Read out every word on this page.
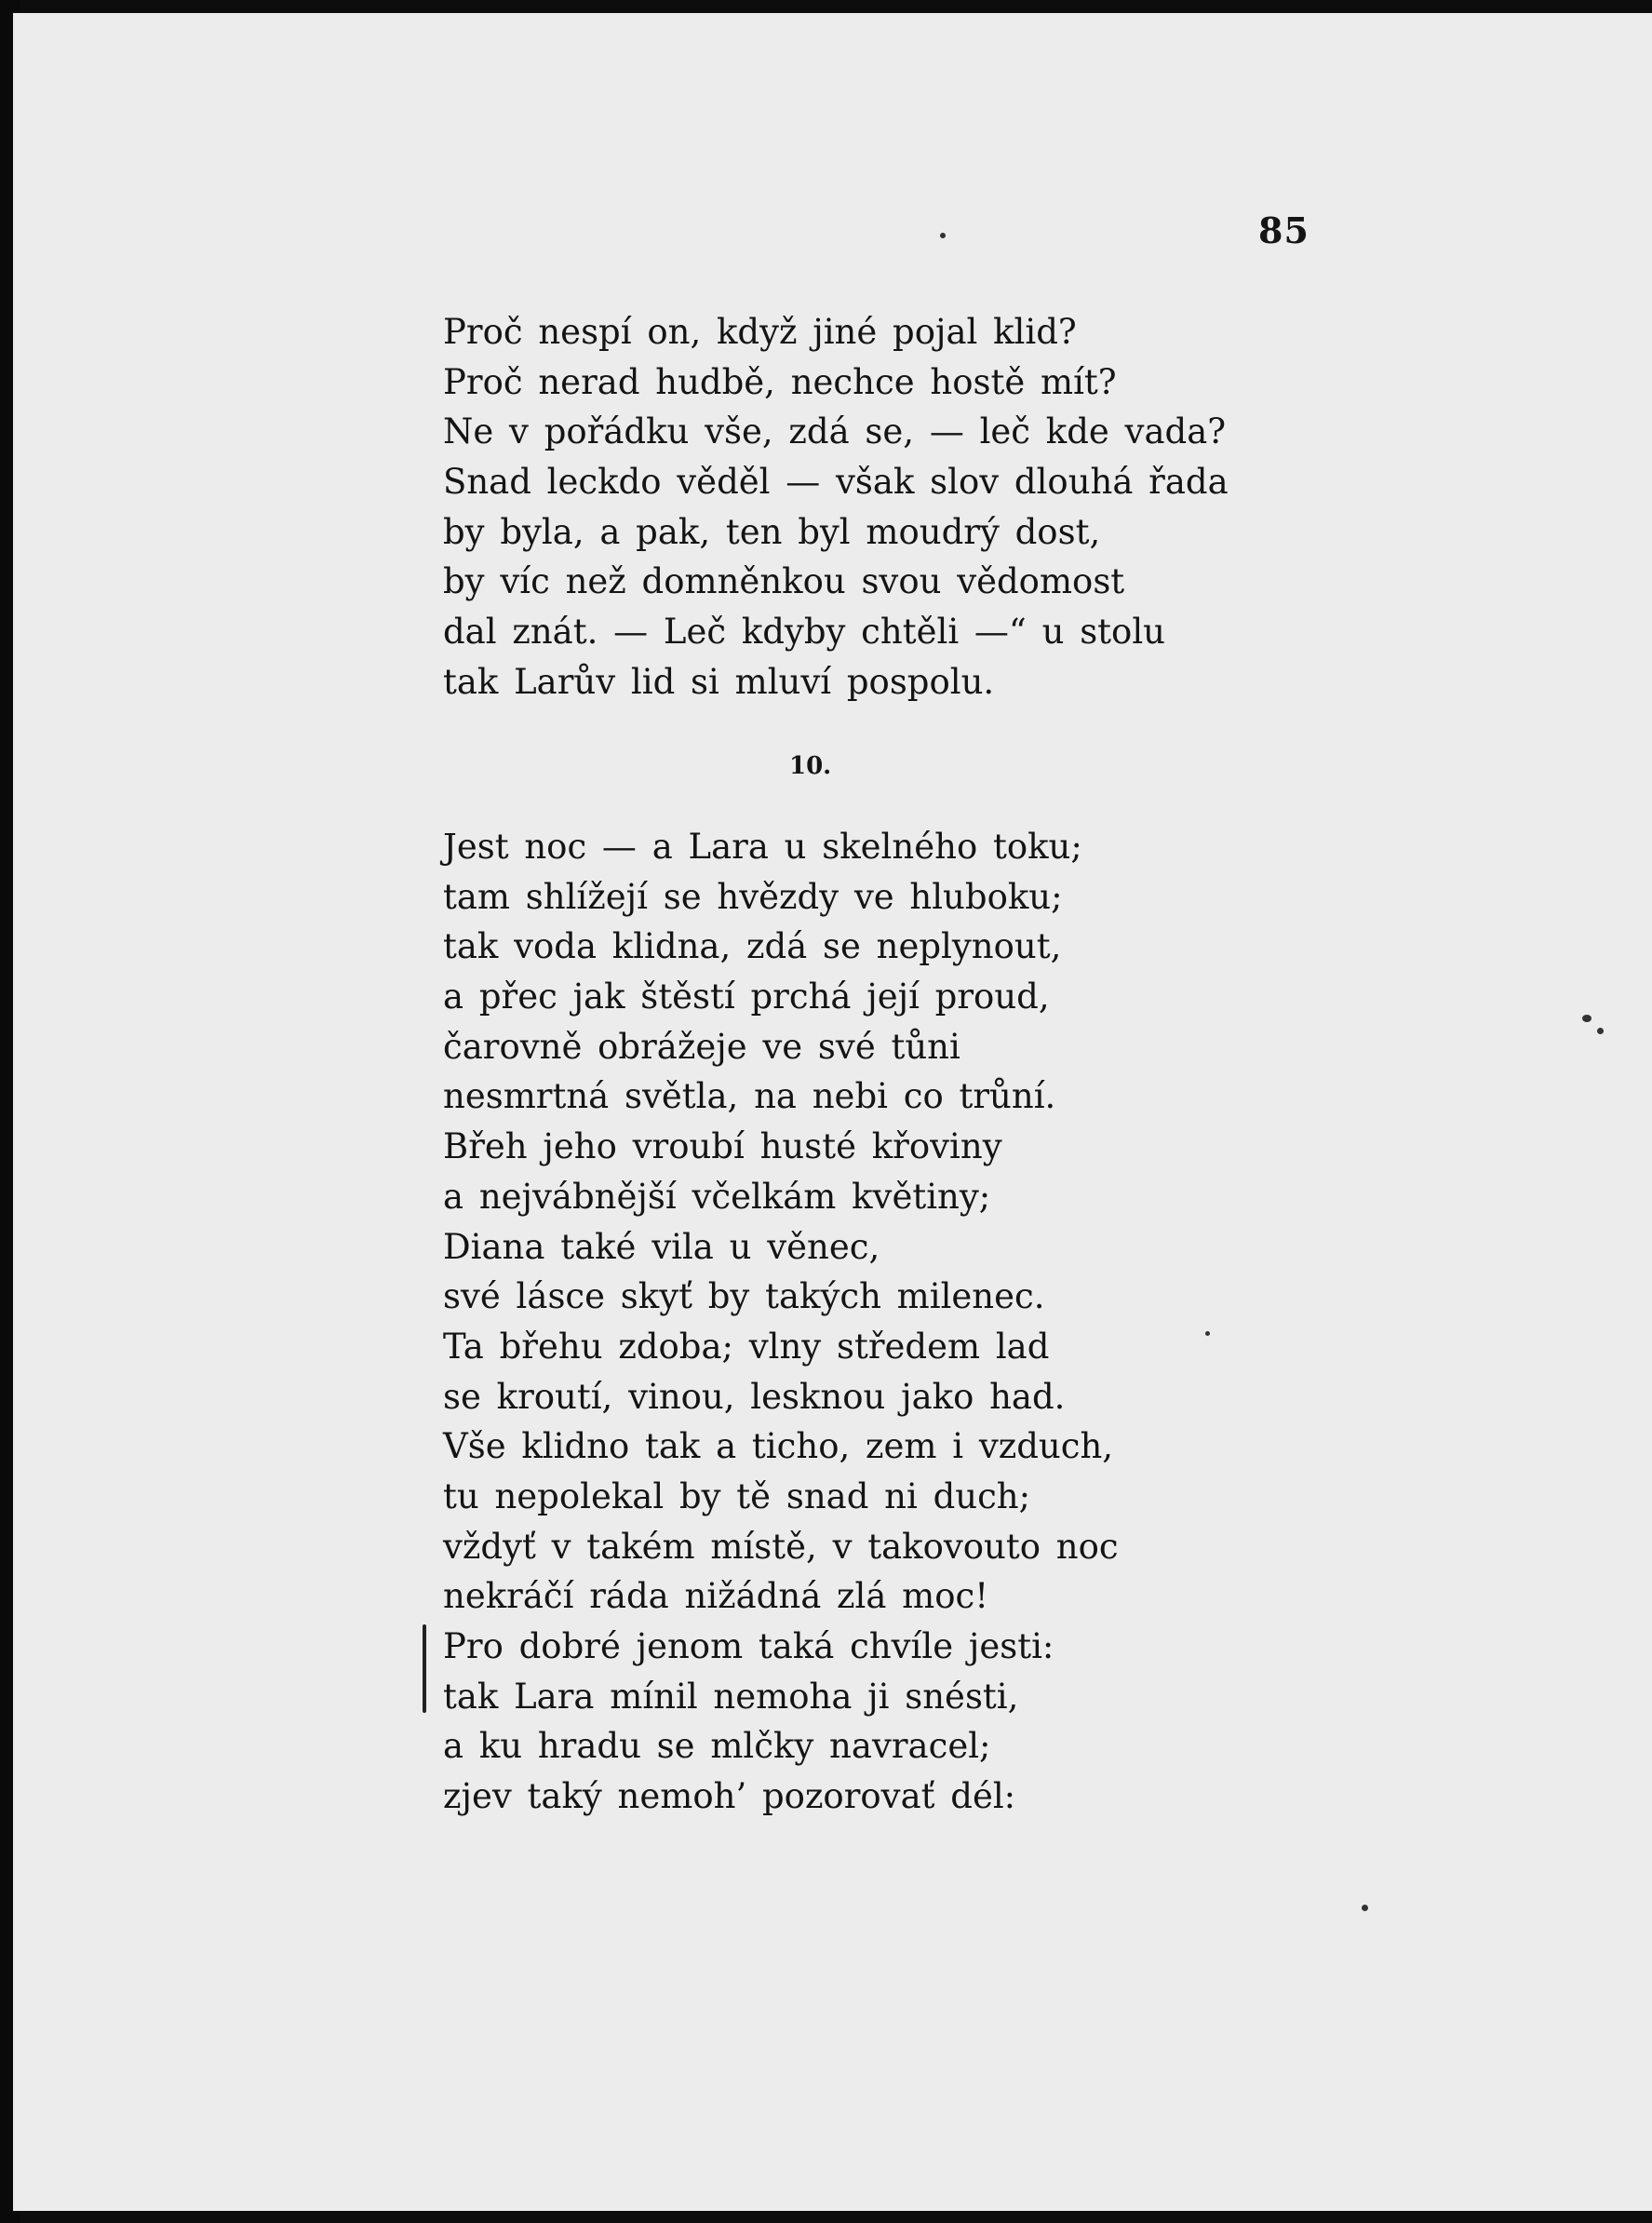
85
Proč nespí on, když jiné pojal klid?
Proč nerad hudbě, nechce hostě mít?
Ne v pořádku vše, zdá se, — leč kde vada?
Snad leckdo věděl — však slov dlouhá řada
by byla, a pak, ten byl moudrý dost,
by víc než domněnkou svou vědomost
dal znát. — Leč kdyby chtěli —“ u stolu
tak Larův lid si mluví pospolu.
10.
Jest noc — a Lara u skelného toku;
tam shlížejí se hvězdy ve hluboku;
tak voda klidna, zdá se neplynout,
a přec jak štěstí prchá její proud,
čarovně obrážeje ve své tůni
nesmrtná světla, na nebi co trůní.
Břeh jeho vroubí husté křoviny
a nejvábnější včelkám květiny;
Diana také vila u věnec,
své lásce skyť by takých milenec.
Ta břehu zdoba; vlny středem lad
se kroutí, vinou, lesknou jako had.
Vše klidno tak a ticho, zem i vzduch,
tu nepolekal by tě snad ni duch;
vždyť v takém místě, v takovouto noc
nekráčí ráda nižádná zlá moc!
Pro dobré jenom taká chvíle jesti:
tak Lara mínil nemoha ji snésti,
a ku hradu se mlčky navracel;
zjev taký nemoh’ pozorovať dél:
